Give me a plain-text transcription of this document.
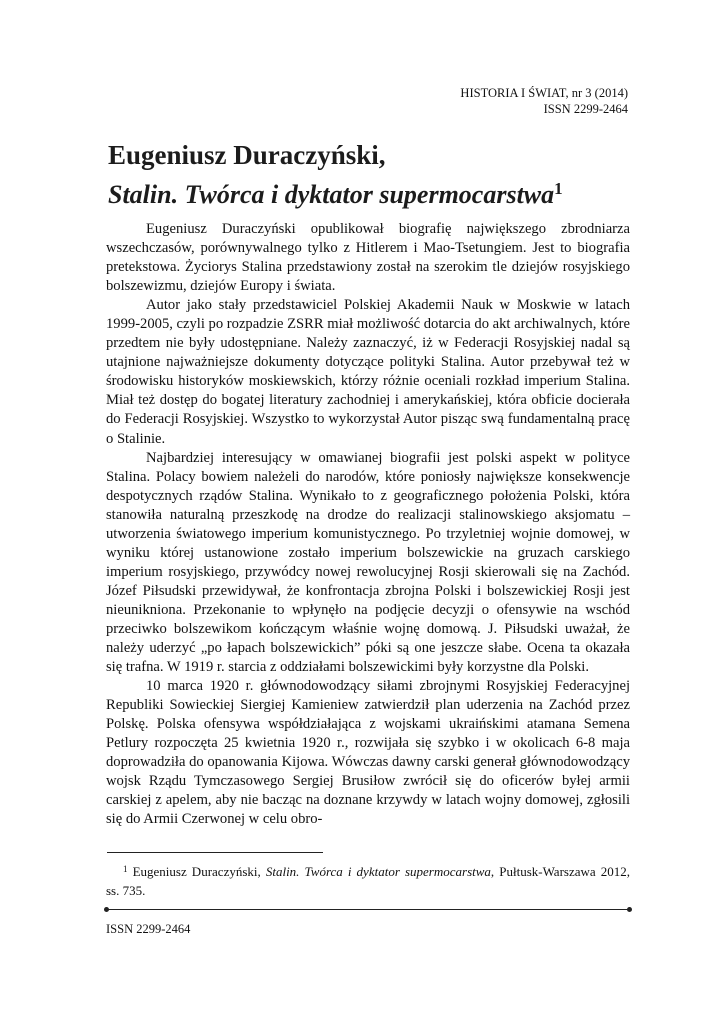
HISTORIA I ŚWIAT, nr 3 (2014)
ISSN 2299-2464
Eugeniusz Duraczyński,
Stalin. Twórca i dyktator supermocarstwa$^1$

Eugeniusz Duraczyński opublikował biografię największego zbrodniarza wszechczasów, porównywalnego tylko z Hitlerem i Mao-Tsetungiem. Jest to biografia pretekstowa. Życiorys Stalina przedstawiony został na szerokim tle dziejów rosyjskiego bolszewizmu, dziejów Europy i świata.

Autor jako stały przedstawiciel Polskiej Akademii Nauk w Moskwie w latach 1999-2005, czyli po rozpadzie ZSRR miał możliwość dotarcia do akt archiwalnych, które przedtem nie były udostępniane. Należy zaznaczyć, iż w Federacji Rosyjskiej nadal są utajnione najważniejsze dokumenty dotyczące polityki Stalina. Autor przebywał też w środowisku historyków moskiewskich, którzy różnie oceniali rozkład imperium Stalina. Miał też dostęp do bogatej literatury zachodniej i amerykańskiej, która obficie docierała do Federacji Rosyjskiej. Wszystko to wykorzystał Autor pisząc swą fundamentalną pracę o Stalinie.

Najbardziej interesujący w omawianej biografii jest polski aspekt w polityce Stalina. Polacy bowiem należeli do narodów, które poniosły największe konsekwencje despotycznych rządów Stalina. Wynikało to z geograficznego położenia Polski, która stanowiła naturalną przeszkodę na drodze do realizacji stalinowskiego aksjomatu – utworzenia światowego imperium komunistycznego. Po trzyletniej wojnie domowej, w wyniku której ustanowione zostało imperium bolszewickie na gruzach carskiego imperium rosyjskiego, przywódcy nowej rewolucyjnej Rosji skierowali się na Zachód. Józef Piłsudski przewidywał, że konfrontacja zbrojna Polski i bolszewickiej Rosji jest nieunikniona. Przekonanie to wpłynęło na podjęcie decyzji o ofensywie na wschód przeciwko bolszewikom kończącym właśnie wojnę domową. J. Piłsudski uważał, że należy uderzyć „po łapach bolszewickich” póki są one jeszcze słabe. Ocena ta okazała się trafna. W 1919 r. starcia z oddziałami bolszewickimi były korzystne dla Polski.

10 marca 1920 r. głównodowodzący siłami zbrojnymi Rosyjskiej Federacyjnej Republiki Sowieckiej Siergiej Kamieniew zatwierdził plan uderzenia na Zachód przez Polskę. Polska ofensywa współdziałająca z wojskami ukraińskimi atamana Semena Petlury rozpoczęta 25 kwietnia 1920 r., rozwijała się szybko i w okolicach 6-8 maja doprowadziła do opanowania Kijowa. Wówczas dawny carski generał głównodowodzący wojsk Rządu Tymczasowego Sergiej Brusiłow zwrócił się do oficerów byłej armii carskiej z apelem, aby nie bacząc na doznane krzywdy w latach wojny domowej, zgłosili się do Armii Czerwonej w celu obro-

$^1$ Eugeniusz Duraczyński, Stalin. Twórca i dyktator supermocarstwa, Pułtusk-Warszawa 2012, ss. 735.
ISSN 2299-2464
